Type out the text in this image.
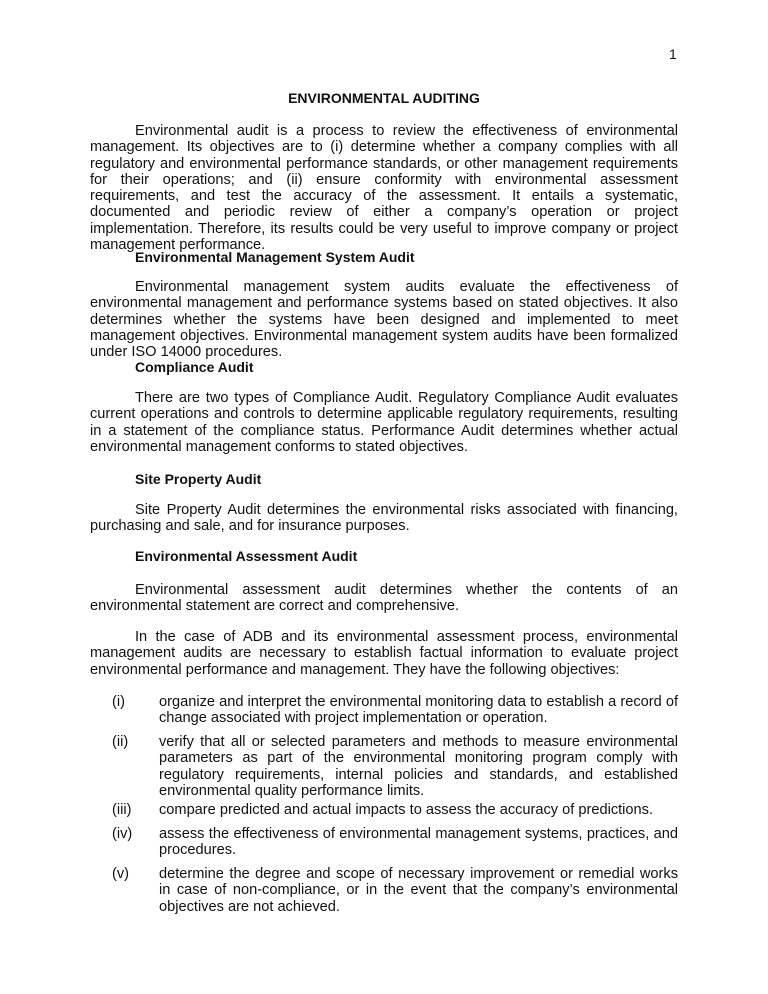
1
ENVIRONMENTAL AUDITING

Environmental audit is a process to review the effectiveness of environmental management. Its objectives are to (i) determine whether a company complies with all regulatory and environmental performance standards, or other management requirements for their operations; and (ii) ensure conformity with environmental assessment requirements, and test the accuracy of the assessment. It entails a systematic, documented and periodic review of either a company’s operation or project implementation. Therefore, its results could be very useful to improve company or project management performance.

Environmental Management System Audit

Environmental management system audits evaluate the effectiveness of environmental management and performance systems based on stated objectives. It also determines whether the systems have been designed and implemented to meet management objectives. Environmental management system audits have been formalized under ISO 14000 procedures.

Compliance Audit

There are two types of Compliance Audit. Regulatory Compliance Audit evaluates current operations and controls to determine applicable regulatory requirements, resulting in a statement of the compliance status. Performance Audit determines whether actual environmental management conforms to stated objectives.

Site Property Audit

Site Property Audit determines the environmental risks associated with financing, purchasing and sale, and for insurance purposes.

Environmental Assessment Audit

Environmental assessment audit determines whether the contents of an environmental statement are correct and comprehensive.

In the case of ADB and its environmental assessment process, environmental management audits are necessary to establish factual information to evaluate project environmental performance and management. They have the following objectives:

(i) organize and interpret the environmental monitoring data to establish a record of change associated with project implementation or operation.
(ii) verify that all or selected parameters and methods to measure environmental parameters as part of the environmental monitoring program comply with regulatory requirements, internal policies and standards, and established environmental quality performance limits.
(iii) compare predicted and actual impacts to assess the accuracy of predictions.
(iv) assess the effectiveness of environmental management systems, practices, and procedures.
(v) determine the degree and scope of necessary improvement or remedial works in case of non-compliance, or in the event that the company’s environmental objectives are not achieved.
